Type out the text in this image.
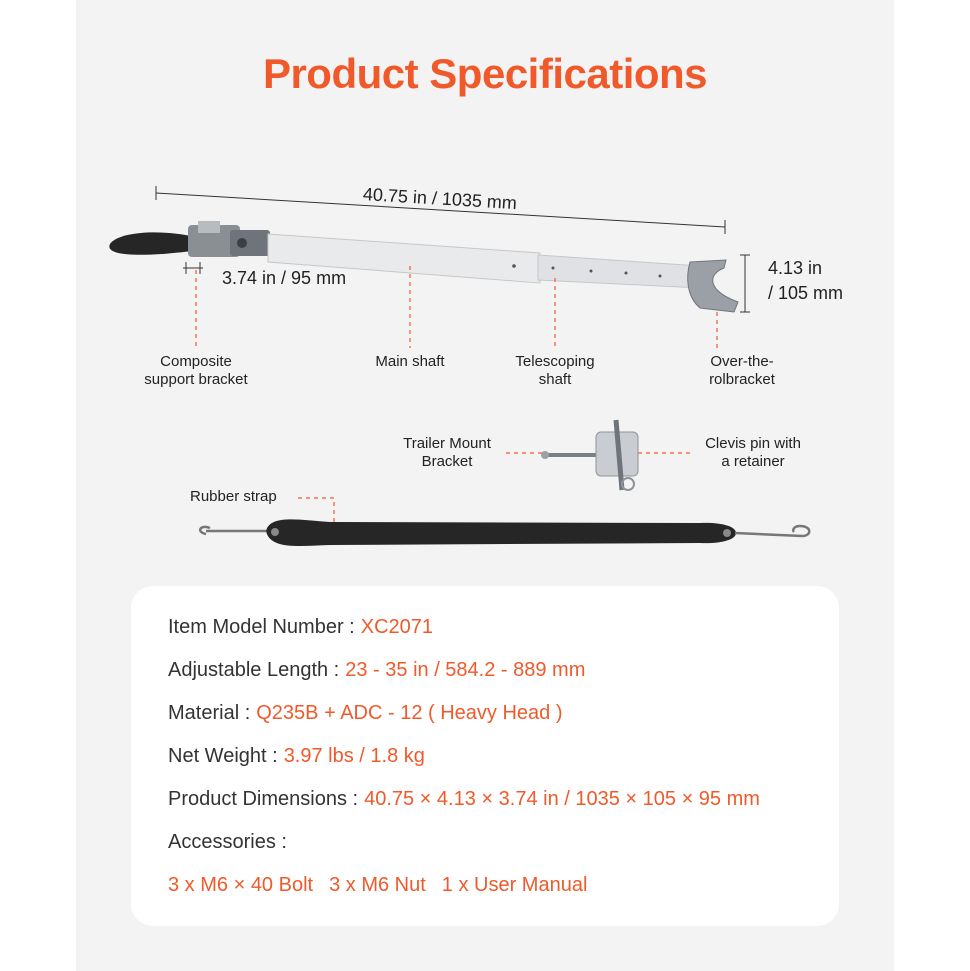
Product Specifications
40.75 in / 1035 mm
4.13 in
/ 105 mm
3.74 in / 95 mm
Composite
support bracket
Main shaft	Telescoping
shaft
Over-the-
rolbracket
Trailer Mount
Bracket
Clevis pin with
a retainer
Rubber strap
Item Model Number : XC2071
Adjustable Length : 23 - 35 in / 584.2 - 889 mm
Material : Q235B + ADC - 12 ( Heavy Head )
Net Weight : 3.97 lbs / 1.8 kg
Product Dimensions : 40.75 × 4.13 × 3.74 in / 1035 × 105 × 95 mm
Accessories :
3 x M6 × 40 Bolt 3 x M6 Nut 1 x User Manual
